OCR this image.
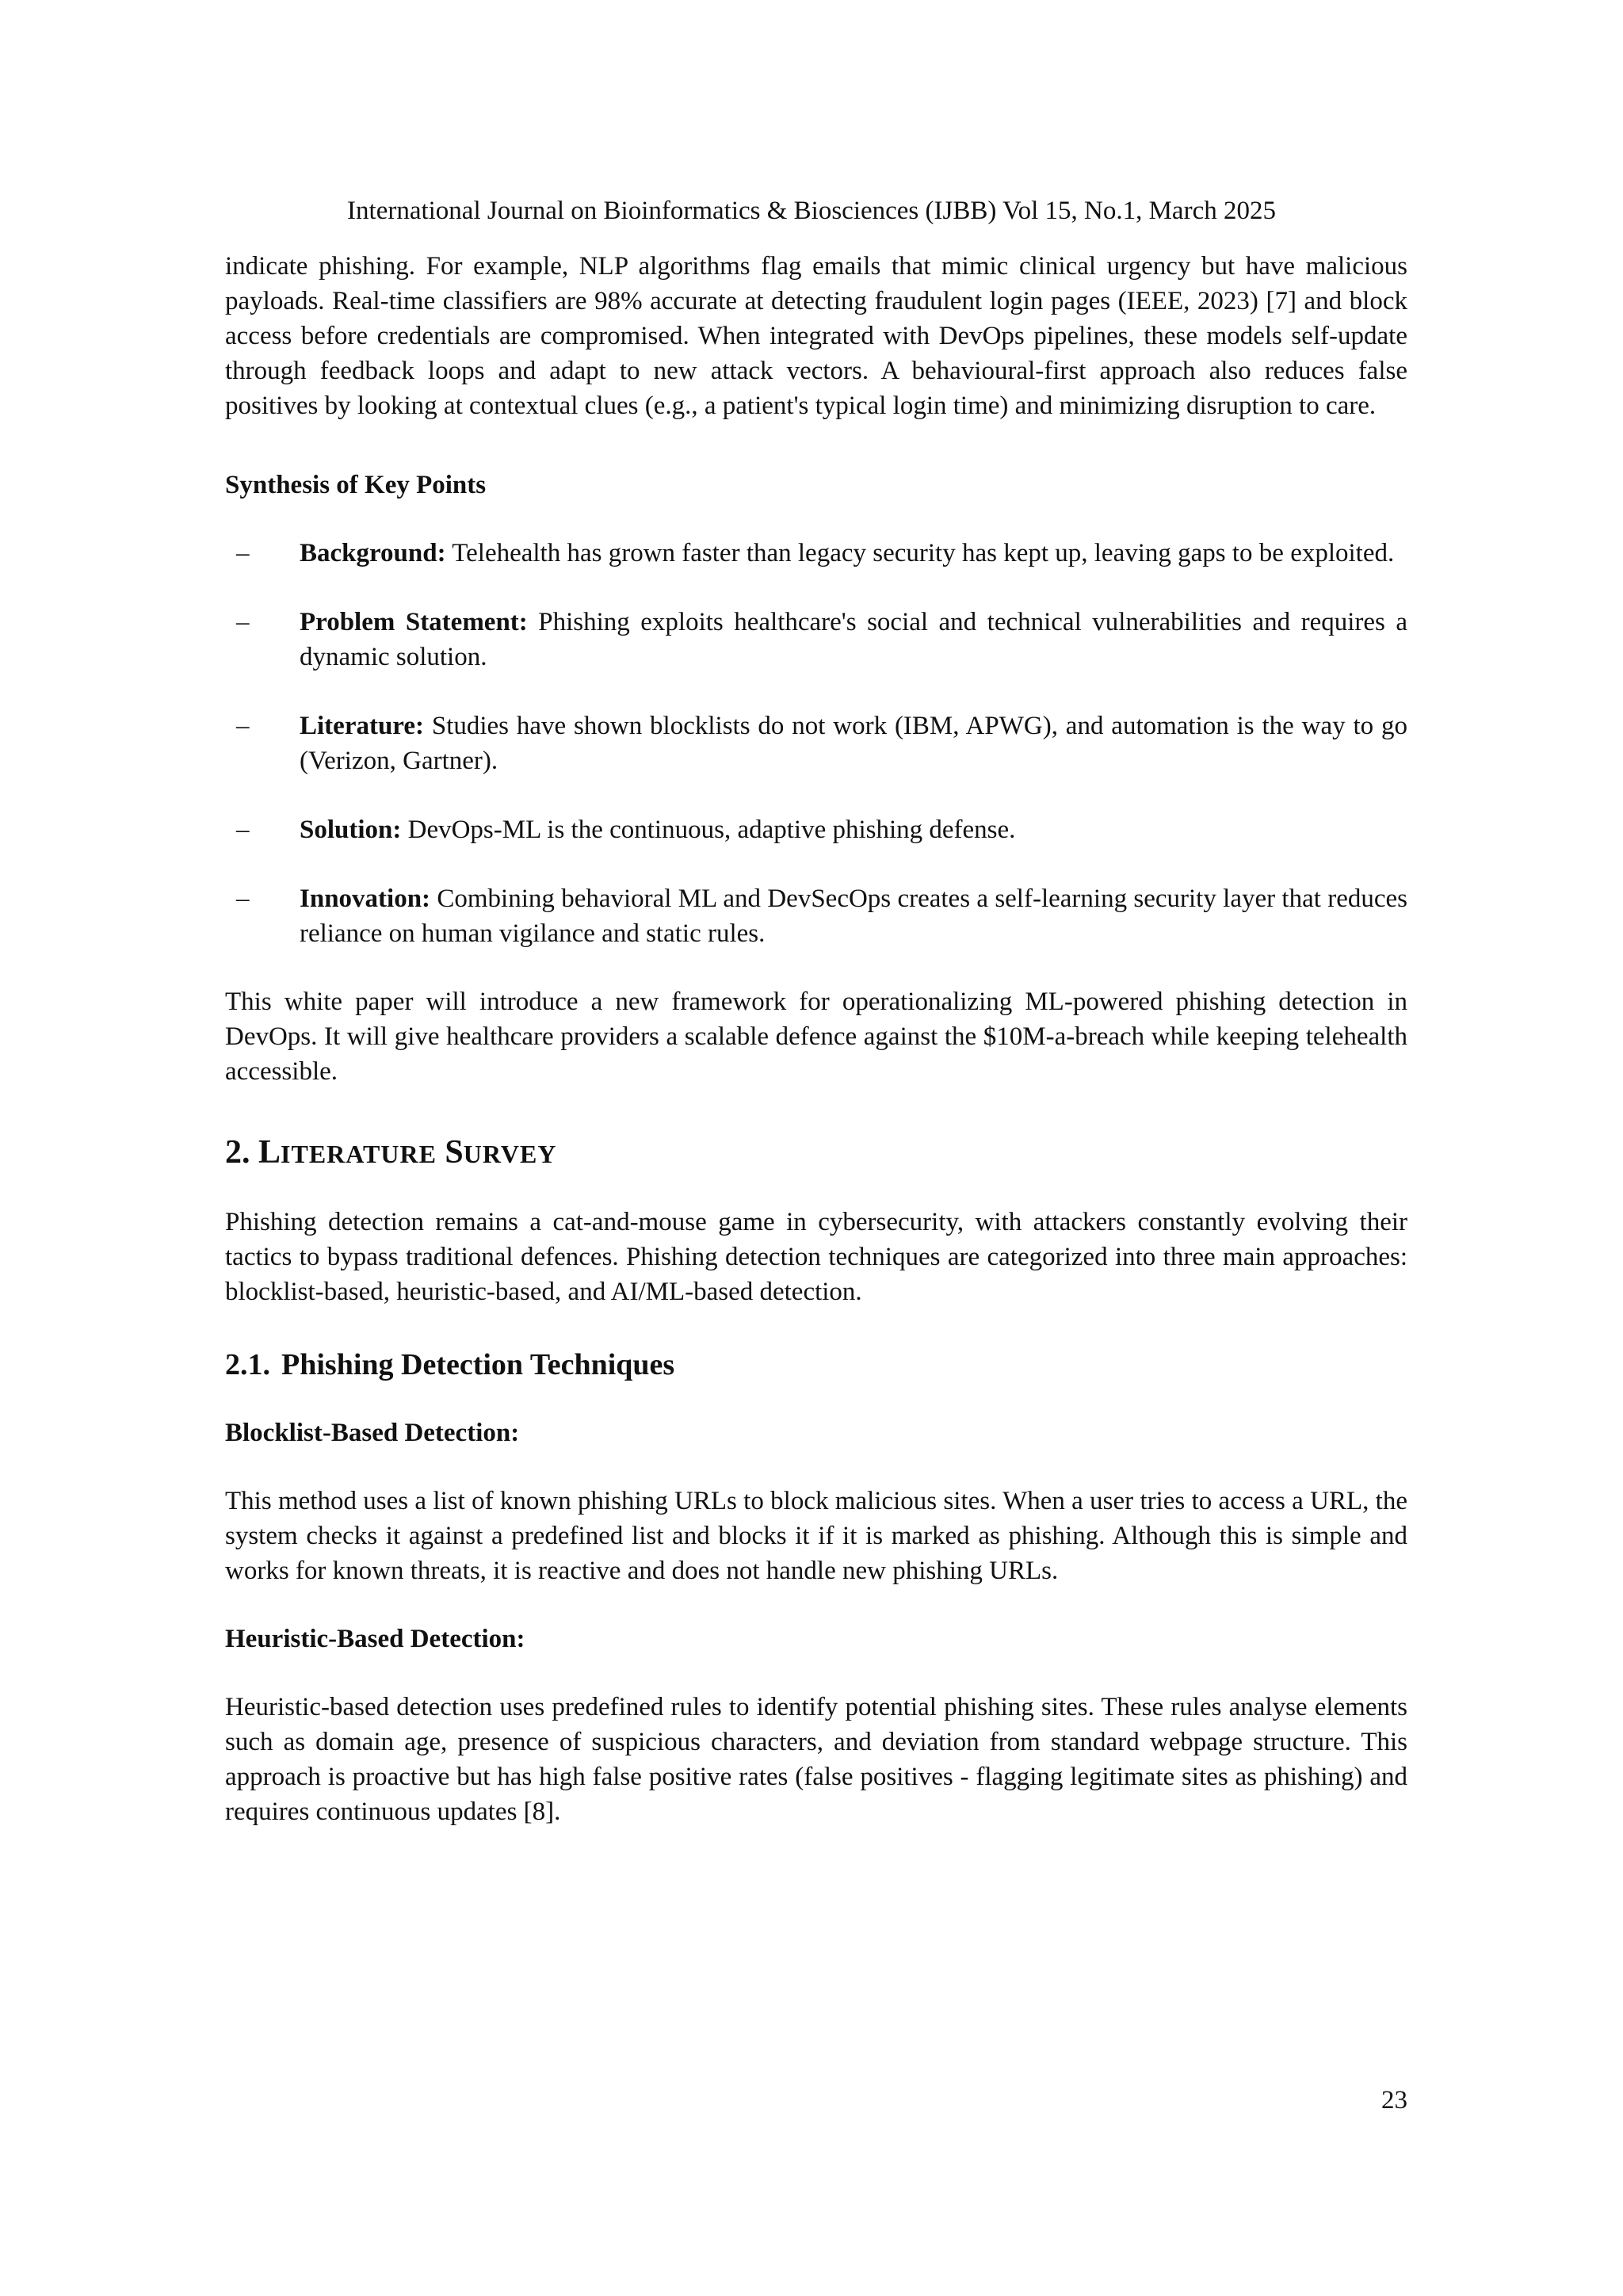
International Journal on Bioinformatics & Biosciences (IJBB) Vol 15, No.1, March 2025

indicate phishing. For example, NLP algorithms flag emails that mimic clinical urgency but have malicious payloads. Real-time classifiers are 98% accurate at detecting fraudulent login pages (IEEE, 2023) [7] and block access before credentials are compromised. When integrated with DevOps pipelines, these models self-update through feedback loops and adapt to new attack vectors. A behavioural-first approach also reduces false positives by looking at contextual clues (e.g., a patient's typical login time) and minimizing disruption to care.

Synthesis of Key Points
– Background: Telehealth has grown faster than legacy security has kept up, leaving gaps to be exploited.
– Problem Statement: Phishing exploits healthcare's social and technical vulnerabilities and requires a dynamic solution.
– Literature: Studies have shown blocklists do not work (IBM, APWG), and automation is the way to go (Verizon, Gartner).
– Solution: DevOps-ML is the continuous, adaptive phishing defense.
– Innovation: Combining behavioral ML and DevSecOps creates a self-learning security layer that reduces reliance on human vigilance and static rules.

This white paper will introduce a new framework for operationalizing ML-powered phishing detection in DevOps. It will give healthcare providers a scalable defence against the $10M-a-breach while keeping telehealth accessible.

2. LITERATURE SURVEY

Phishing detection remains a cat-and-mouse game in cybersecurity, with attackers constantly evolving their tactics to bypass traditional defences. Phishing detection techniques are categorized into three main approaches: blocklist-based, heuristic-based, and AI/ML-based detection.

2.1. Phishing Detection Techniques
Blocklist-Based Detection:

This method uses a list of known phishing URLs to block malicious sites. When a user tries to access a URL, the system checks it against a predefined list and blocks it if it is marked as phishing. Although this is simple and works for known threats, it is reactive and does not handle new phishing URLs.

Heuristic-Based Detection:

Heuristic-based detection uses predefined rules to identify potential phishing sites. These rules analyse elements such as domain age, presence of suspicious characters, and deviation from standard webpage structure. This approach is proactive but has high false positive rates (false positives - flagging legitimate sites as phishing) and requires continuous updates [8].

23
